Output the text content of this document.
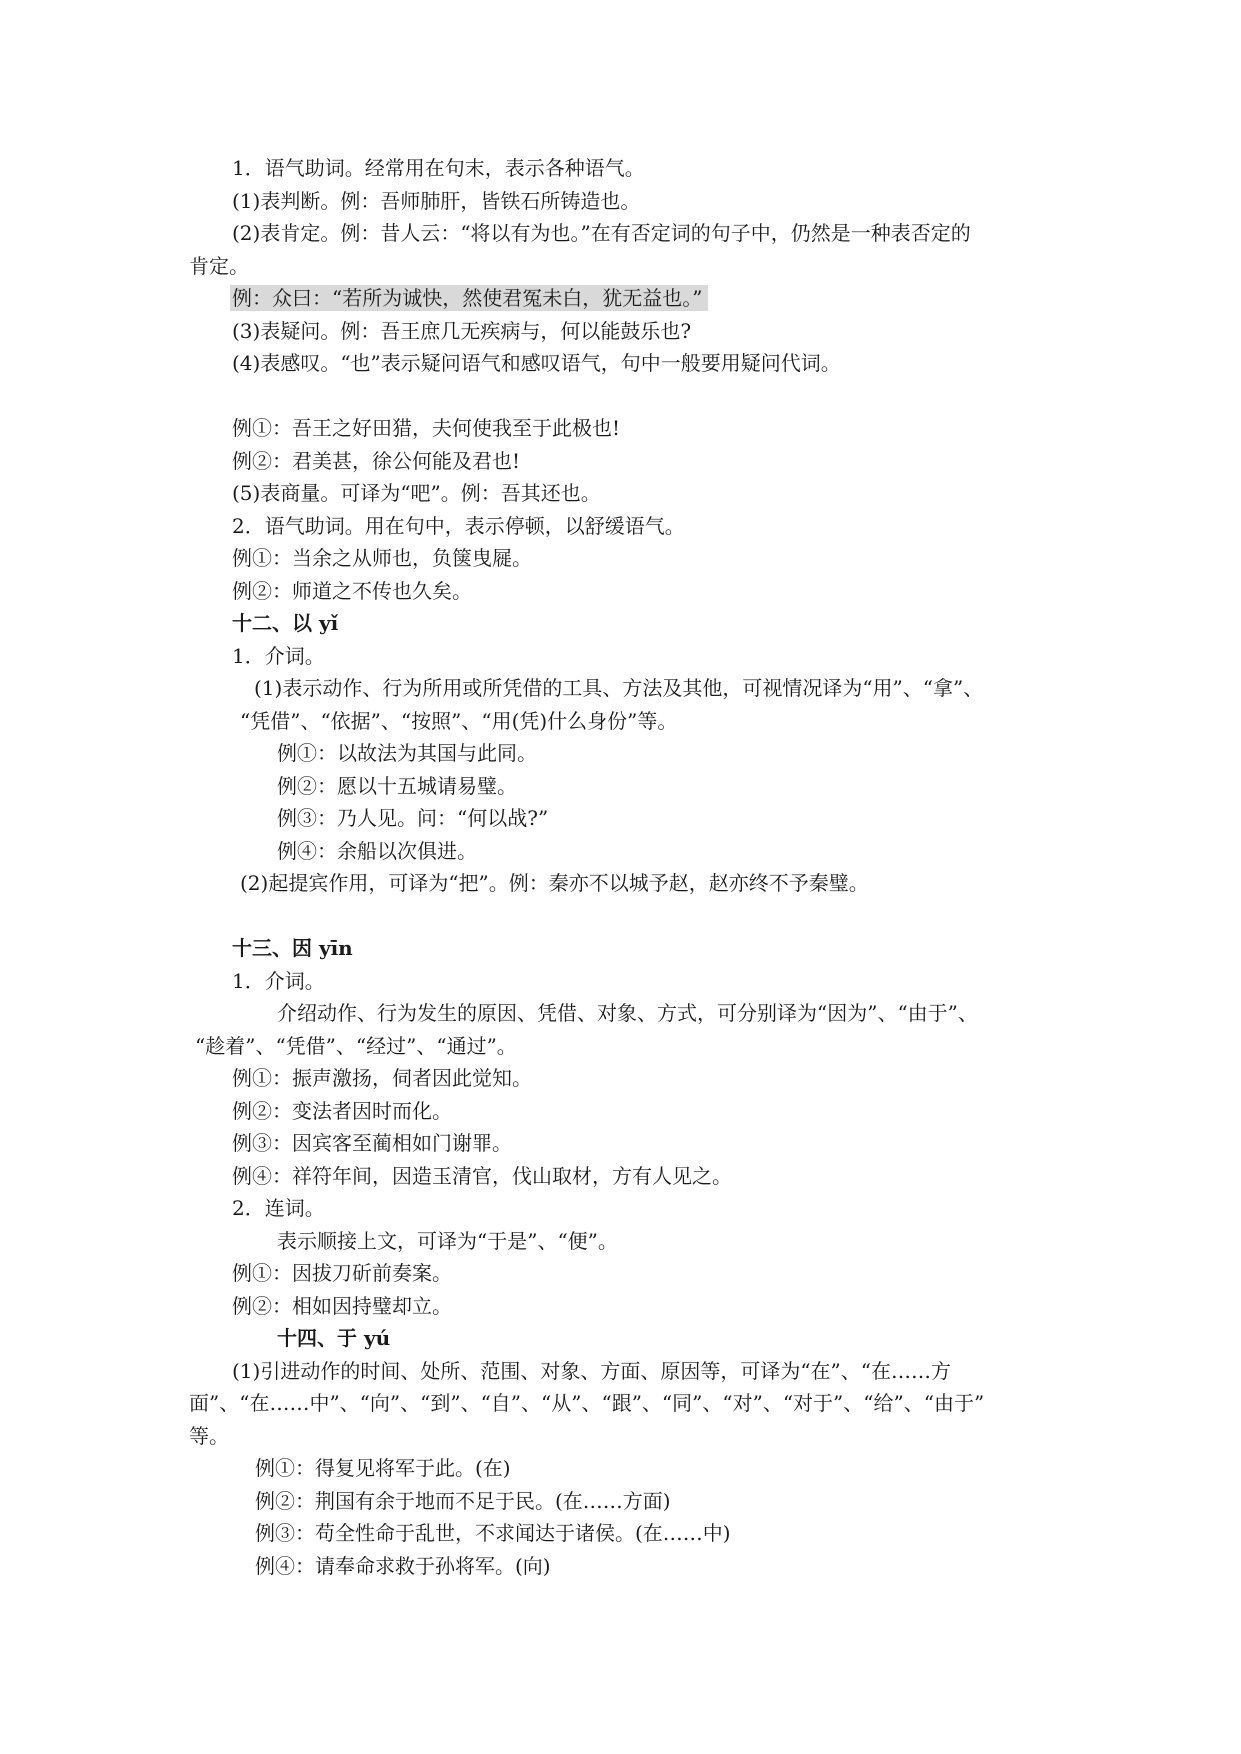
1．语气助词。经常用在句末，表示各种语气。
(1)表判断。例：吾师肺肝，皆铁石所铸造也。
(2)表肯定。例：昔人云：“将以有为也。”在有否定词的句子中，仍然是一种表否定的
肯定。
例：众曰：“若所为诚快，然使君冤未白，犹无益也。”
(3)表疑问。例：吾王庶几无疾病与，何以能鼓乐也?
(4)表感叹。“也”表示疑问语气和感叹语气，句中一般要用疑问代词。
例①：吾王之好田猎，夫何使我至于此极也!
例②：君美甚，徐公何能及君也!
(5)表商量。可译为“吧”。例：吾其还也。
2．语气助词。用在句中，表示停顿，以舒缓语气。
例①：当余之从师也，负箧曳屣。
例②：师道之不传也久矣。
十二、以 yǐ
1．介词。
(1)表示动作、行为所用或所凭借的工具、方法及其他，可视情况译为“用”、“拿”、
“凭借”、“依据”、“按照”、“用(凭)什么身份”等。
例①：以故法为其国与此同。
例②：愿以十五城请易璧。
例③：乃人见。问：“何以战?”
例④：余船以次俱进。
(2)起提宾作用，可译为“把”。例：秦亦不以城予赵，赵亦终不予秦璧。
十三、因 yīn
1．介词。
介绍动作、行为发生的原因、凭借、对象、方式，可分别译为“因为”、“由于”、
“趁着”、“凭借”、“经过”、“通过”。
例①：振声激扬，伺者因此觉知。
例②：变法者因时而化。
例③：因宾客至蔺相如门谢罪。
例④：祥符年间，因造玉清官，伐山取材，方有人见之。
2．连词。
表示顺接上文，可译为“于是”、“便”。
例①：因拔刀斫前奏案。
例②：相如因持璧却立。
十四、于 yú
(1)引进动作的时间、处所、范围、对象、方面、原因等，可译为“在”、“在……方
面”、“在……中”、“向”、“到”、“自”、“从”、“跟”、“同”、“对”、“对于”、“给”、“由于”
等。
例①：得复见将军于此。(在)
例②：荆国有余于地而不足于民。(在……方面)
例③：苟全性命于乱世，不求闻达于诸侯。(在……中)
例④：请奉命求救于孙将军。(向)
